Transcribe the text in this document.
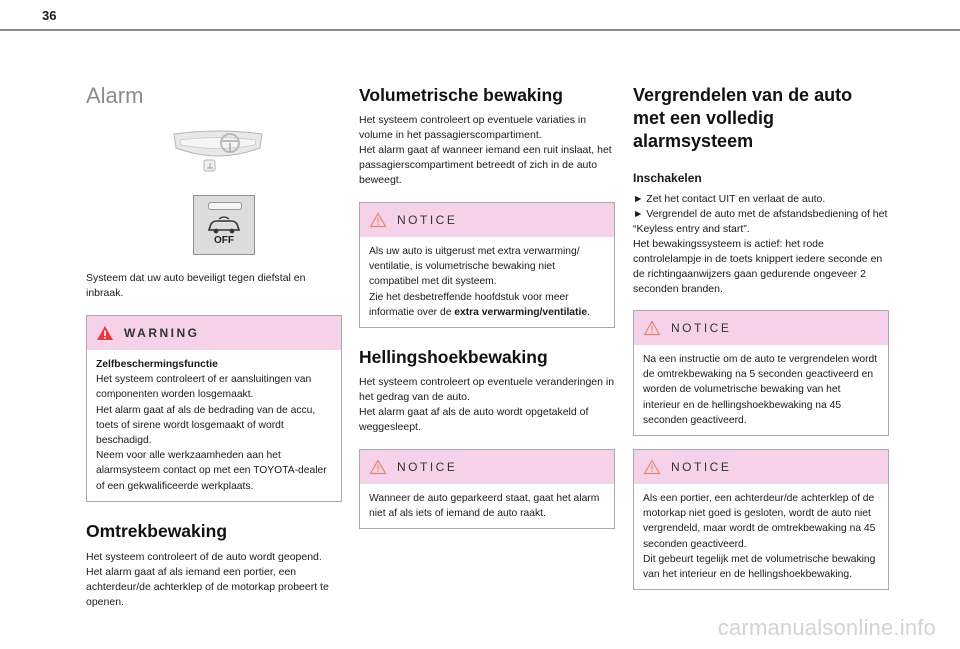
36
Alarm
OFF

Systeem dat uw auto beveiligt tegen diefstal en inbraak.

WARNING

Zelfbeschermingsfunctie

Het systeem controleert of er aansluitingen van componenten worden losgemaakt.
Het alarm gaat af als de bedrading van de accu, toets of sirene wordt losgemaakt of wordt beschadigd.
Neem voor alle werkzaamheden aan het alarmsysteem contact op met een TOYOTA-dealer of een gekwalificeerde werkplaats.

Omtrekbewaking

Het systeem controleert of de auto wordt geopend.
Het alarm gaat af als iemand een portier, een achterdeur/de achterklep of de motorkap probeert te openen.

Volumetrische bewaking

Het systeem controleert op eventuele variaties in volume in het passagierscompartiment.
Het alarm gaat af wanneer iemand een ruit inslaat, het passagierscompartiment betreedt of zich in de auto beweegt.

NOTICE

Als uw auto is uitgerust met extra verwarming/ ventilatie, is volumetrische bewaking niet compatibel met dit systeem.
Zie het desbetreffende hoofdstuk voor meer informatie over de extra verwarming/ventilatie.

Hellingshoekbewaking

Het systeem controleert op eventuele veranderingen in het gedrag van de auto.
Het alarm gaat af als de auto wordt opgetakeld of weggesleept.

NOTICE

Wanneer de auto geparkeerd staat, gaat het alarm niet af als iets of iemand de auto raakt.

Vergrendelen van de auto met een volledig alarmsysteem
Inschakelen

► Zet het contact UIT en verlaat de auto.

► Vergrendel de auto met de afstandsbediening of het “Keyless entry and start”.

Het bewakingssysteem is actief: het rode controlelampje in de toets knippert iedere seconde en de richtingaanwijzers gaan gedurende ongeveer 2 seconden branden.

NOTICE

Na een instructie om de auto te vergrendelen wordt de omtrekbewaking na 5 seconden geactiveerd en worden de volumetrische bewaking van het interieur en de hellingshoekbewaking na 45 seconden geactiveerd.

NOTICE

Als een portier, een achterdeur/de achterklep of de motorkap niet goed is gesloten, wordt de auto niet vergrendeld, maar wordt de omtrekbewaking na 45 seconden geactiveerd.
Dit gebeurt tegelijk met de volumetrische bewaking van het interieur en de hellingshoekbewaking.

carmanualsonline.info
